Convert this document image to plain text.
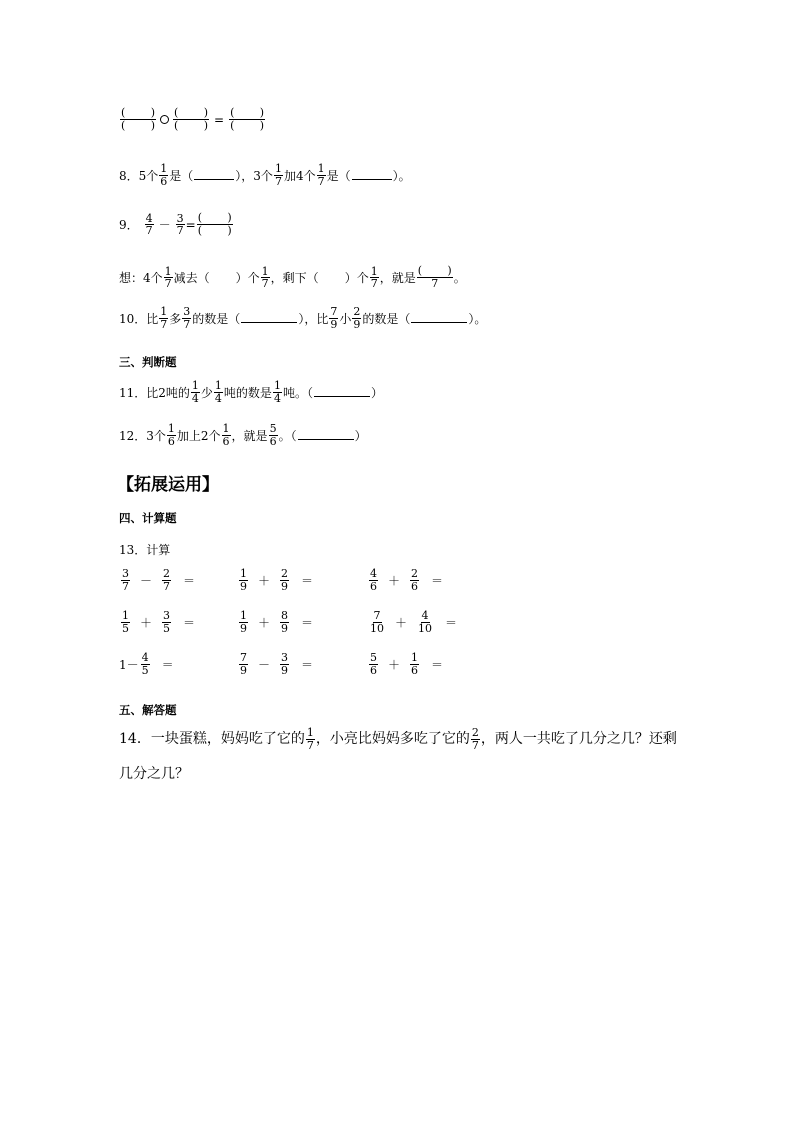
( )
( )
( )
( ) =
( )
( )
8．5个 $\frac{1}{6}$ 是（	），3个 $\frac{1}{7}$ 加4个 $\frac{1}{7}$ 是（	）。
9． $\frac{4}{7} - \frac{3}{7}$ =
( )
( )
想：4个 $\frac{1}{7}$ 减去（ ）个 $\frac{1}{7}$ ，剩下（ ）个 $\frac{1}{7}$ ，就是
( )
7 。
10．比 $\frac{1}{7}$ 多 $\frac{3}{7}$ 的数是（	），比 $\frac{7}{9}$ 小 $\frac{2}{9}$ 的数是（	）。
三、判断题
11．比2吨的 $\frac{1}{4}$ 少 $\frac{1}{4}$ 吨的数是 $\frac{1}{4}$ 吨。（	）
12．3个 $\frac{1}{6}$ 加上2个 $\frac{1}{6}$ ，就是 $\frac{5}{6}$ 。（	）
【拓展运用】
四、计算题
13．计算
$\frac{3}{7} - \frac{2}{7}$ ＝	$\frac{1}{9} + \frac{2}{9}$ ＝	$\frac{4}{6} + \frac{2}{6}$ ＝
$\frac{1}{5} + \frac{3}{5}$ ＝	$\frac{1}{9} + \frac{8}{9}$ ＝	$\frac{7}{10} + \frac{4}{10}$ ＝
$1- \frac{4}{5}$ ＝	$\frac{7}{9} - \frac{3}{9}$ ＝	$\frac{5}{6} + \frac{1}{6}$ ＝
五、解答题
14．一块蛋糕，妈妈吃了它的 $\frac{1}{7}$ ，小亮比妈妈多吃了它的 $\frac{2}{7}$ ，两人一共吃了几分之几？还剩
几分之几？
